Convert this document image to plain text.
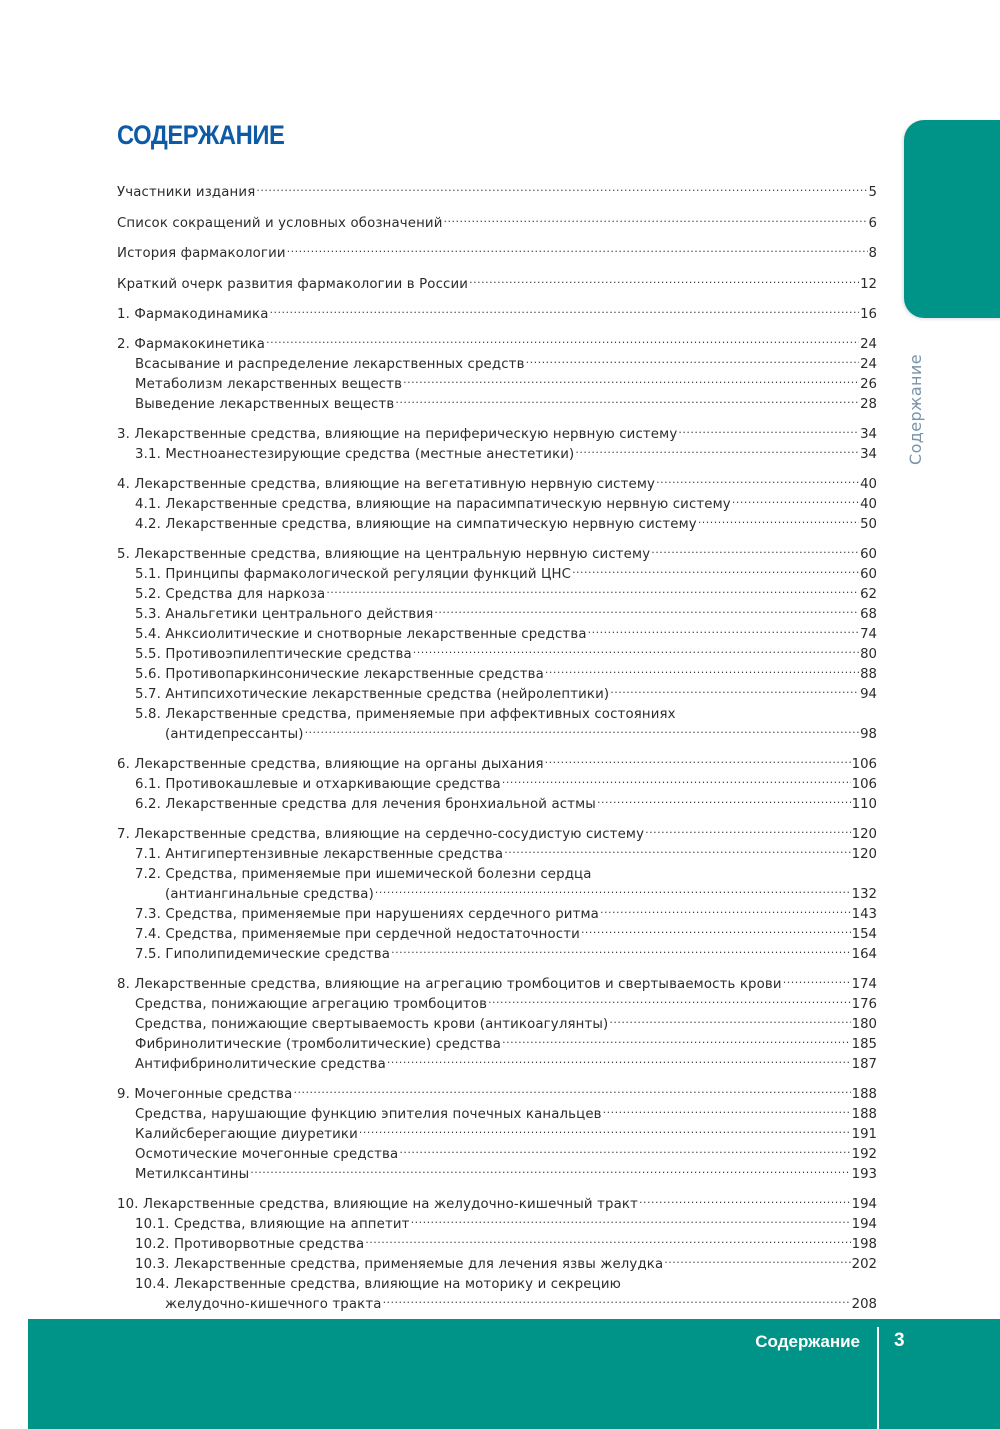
СОДЕРЖАНИЕ
Содержание
Участники издания .....	5
Список сокращений и условных обозначений .....	6
История фармакологии .....	8
Краткий очерк развития фармакологии в России .....	12
1. Фармакодинамика .....	16
2. Фармакокинетика .....	24
Всасывание и распределение лекарственных средств .....	24
Метаболизм лекарственных веществ .....	26
Выведение лекарственных веществ .....	28
3. Лекарственные средства, влияющие на периферическую нервную систему .....	34
3.1. Местноанестезирующие средства (местные анестетики) .....	34
4. Лекарственные средства, влияющие на вегетативную нервную систему .....	40
4.1. Лекарственные средства, влияющие на парасимпатическую нервную систему .....	40
4.2. Лекарственные средства, влияющие на симпатическую нервную систему .....	50
5. Лекарственные средства, влияющие на центральную нервную систему .....	60
5.1. Принципы фармакологической регуляции функций ЦНС .....	60
5.2. Средства для наркоза .....	62
5.3. Анальгетики центрального действия .....	68
5.4. Анксиолитические и снотворные лекарственные средства .....	74
5.5. Противоэпилептические средства .....	80
5.6. Противопаркинсонические лекарственные средства .....	88
5.7. Антипсихотические лекарственные средства (нейролептики) .....	94
5.8. Лекарственные средства, применяемые при аффективных состояниях
(антидепрессанты) .....	98
6. Лекарственные средства, влияющие на органы дыхания .....	106
6.1. Противокашлевые и отхаркивающие средства .....	106
6.2. Лекарственные средства для лечения бронхиальной астмы .....	110
7. Лекарственные средства, влияющие на сердечно-сосудистую систему .....	120
7.1. Антигипертензивные лекарственные средства .....	120
7.2. Средства, применяемые при ишемической болезни сердца
(антиангинальные средства) .....	132
7.3. Средства, применяемые при нарушениях сердечного ритма .....	143
7.4. Средства, применяемые при сердечной недостаточности .....	154
7.5. Гиполипидемические средства .....	164
8. Лекарственные средства, влияющие на агрегацию тромбоцитов и свертываемость крови .....	174
Средства, понижающие агрегацию тромбоцитов .....	176
Средства, понижающие свертываемость крови (антикоагулянты) .....	180
Фибринолитические (тромболитические) средства .....	185
Антифибринолитические средства .....	187
9. Мочегонные средства .....	188
Средства, нарушающие функцию эпителия почечных канальцев .....	188
Калийсберегающие диуретики .....	191
Осмотические мочегонные средства .....	192
Метилксантины .....	193
10. Лекарственные средства, влияющие на желудочно-кишечный тракт .....	194
10.1. Средства, влияющие на аппетит .....	194
10.2. Противорвотные средства .....	198
10.3. Лекарственные средства, применяемые для лечения язвы желудка .....	202
10.4. Лекарственные средства, влияющие на моторику и секрецию
желудочно-кишечного тракта .....	208
Содержание 3
